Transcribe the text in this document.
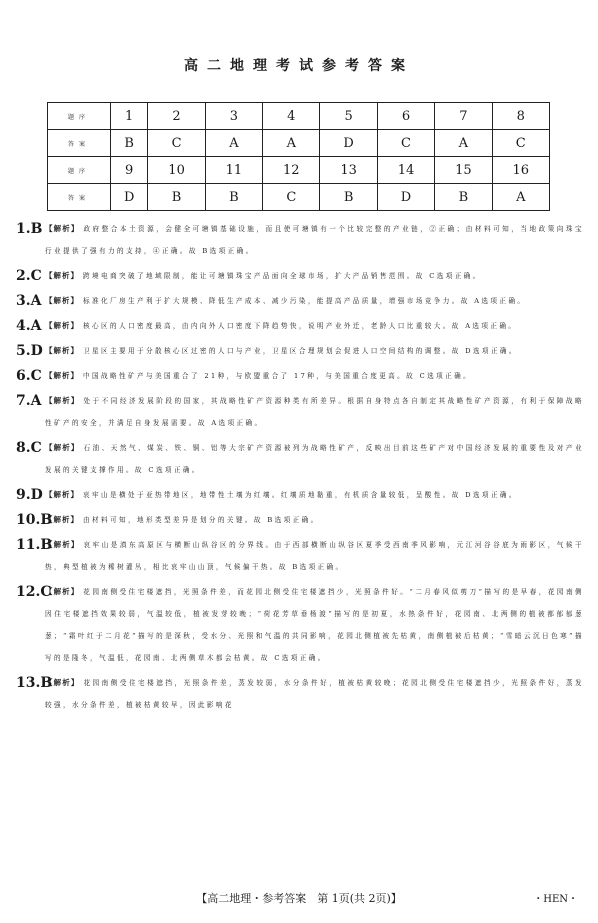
高二地理考试参考答案
题序	1	2	3	4	5	6	7	8
答案	B	C	A	A	D	C	A	C
题序	9	10	11	12	13	14	15	16
答案	D	B	B	C	B	D	B	A
1.B 【解析】 政府整合本土资源，会健全可塘镇基础设施，而且使可塘镇有一个比较完整的产业链，②正确；由材料可知，当地政策向珠宝行业提供了强有力的支持，④正确。故 B选项正确。
2.C 【解析】 跨境电商突破了地域限制，能让可塘镇珠宝产品面向全球市场，扩大产品销售范围。故 C选项正确。
3.A 【解析】 标准化厂房生产利于扩大规模、降低生产成本、减少污染，能提高产品质量，增强市场竞争力。故 A选项正确。
4.A 【解析】 核心区的人口密度最高，由内向外人口密度下降趋势快，说明产业外迁，老龄人口比重较大。故 A选项正确。
5.D 【解析】 卫星区主要用于分散核心区过密的人口与产业，卫星区合理规划会促进人口空间结构的调整。故 D选项正确。
6.C 【解析】 中国战略性矿产与美国重合了 21种，与欧盟重合了 17种，与美国重合度更高。故 C选项正确。
7.A 【解析】 处于不同经济发展阶段的国家，其战略性矿产资源种类有所差异。根据自身特点各自制定其战略性矿产资源，有利于保障战略性矿产的安全，并满足自身发展需要。故 A选项正确。
8.C 【解析】 石油、天然气、煤炭、铁、铜、铝等大宗矿产资源被列为战略性矿产，反映出目前这些矿产对中国经济发展的重要性及对产业发展的关键支撑作用。故 C选项正确。
9.D 【解析】 哀牢山是横处于亚热带地区，地带性土壤为红壤。红壤质地黏重，有机质含量较低，呈酸性。故 D选项正确。
10.B
【解析】 由材料可知，地形类型差异是划分的关键。故 B选项正确。
11.B
【解析】 哀牢山是滇东高原区与横断山纵谷区的分界线。由于西部横断山纵谷区夏季受西南季风影响，元江河谷谷底为雨影区，气候干热，典型植被为稀树灌丛，相比哀牢山山顶，气候偏干热。故 B选项正确。
12.C
【解析】 花园南侧受住宅楼遮挡，光照条件差，而花园北侧受住宅楼遮挡少，光照条件好。“二月春风似剪刀”描写的是早春，花园南侧因住宅楼遮挡效果较弱，气温较低，植被发芽较晚；“荷花芳草垂杨渡”描写的是初夏，水热条件好，花园南、北两侧的植被都郁郁葱葱；“霜叶红于二月花”描写的是深秋，受水分、光照和气温的共同影响，花园北侧植被先枯黄，南侧植被后枯黄；“雪暗云沉日色寒”描写的是隆冬，气温低，花园南、北两侧草木都会枯黄。故 C选项正确。
13.B
【解析】 花园南侧受住宅楼遮挡，光照条件差，蒸发较弱，水分条件好，植被枯黄较晚；花园北侧受住宅楼遮挡少，光照条件好，蒸发较强，水分条件差，植被枯黄较早，因此影响花
【高二地理・参考答案　第 1页(共 2页)】	・HEN・
